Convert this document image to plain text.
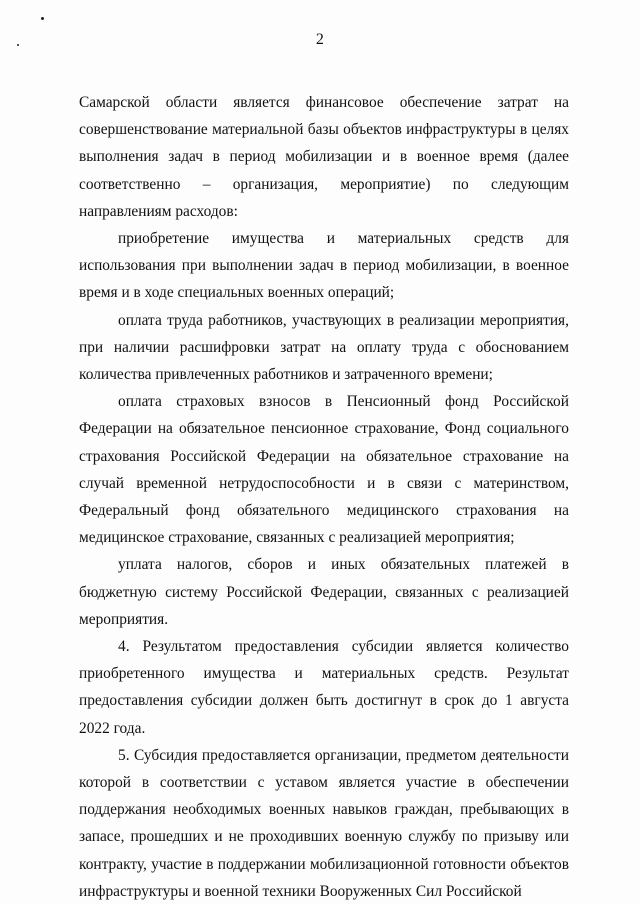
2

Самарской области является финансовое обеспечение затрат на совершенствование материальной базы объектов инфраструктуры в целях выполнения задач в период мобилизации и в военное время (далее соответственно – организация, мероприятие) по следующим направлениям расходов:

приобретение имущества и материальных средств для использования при выполнении задач в период мобилизации, в военное время и в ходе специальных военных операций;

оплата труда работников, участвующих в реализации мероприятия, при наличии расшифровки затрат на оплату труда с обоснованием количества привлеченных работников и затраченного времени;

оплата страховых взносов в Пенсионный фонд Российской Федерации на обязательное пенсионное страхование, Фонд социального страхования Российской Федерации на обязательное страхование на случай временной нетрудоспособности и в связи с материнством, Федеральный фонд обязательного медицинского страхования на медицинское страхование, связанных с реализацией мероприятия;

уплата налогов, сборов и иных обязательных платежей в бюджетную систему Российской Федерации, связанных с реализацией мероприятия.

4. Результатом предоставления субсидии является количество приобретенного имущества и материальных средств. Результат предоставления субсидии должен быть достигнут в срок до 1 августа 2022 года.

5. Субсидия предоставляется организации, предметом деятельности которой в соответствии с уставом является участие в обеспечении поддержания необходимых военных навыков граждан, пребывающих в запасе, прошедших и не проходивших военную службу по призыву или контракту, участие в поддержании мобилизационной готовности объектов инфраструктуры и военной техники Вооруженных Сил Российской
